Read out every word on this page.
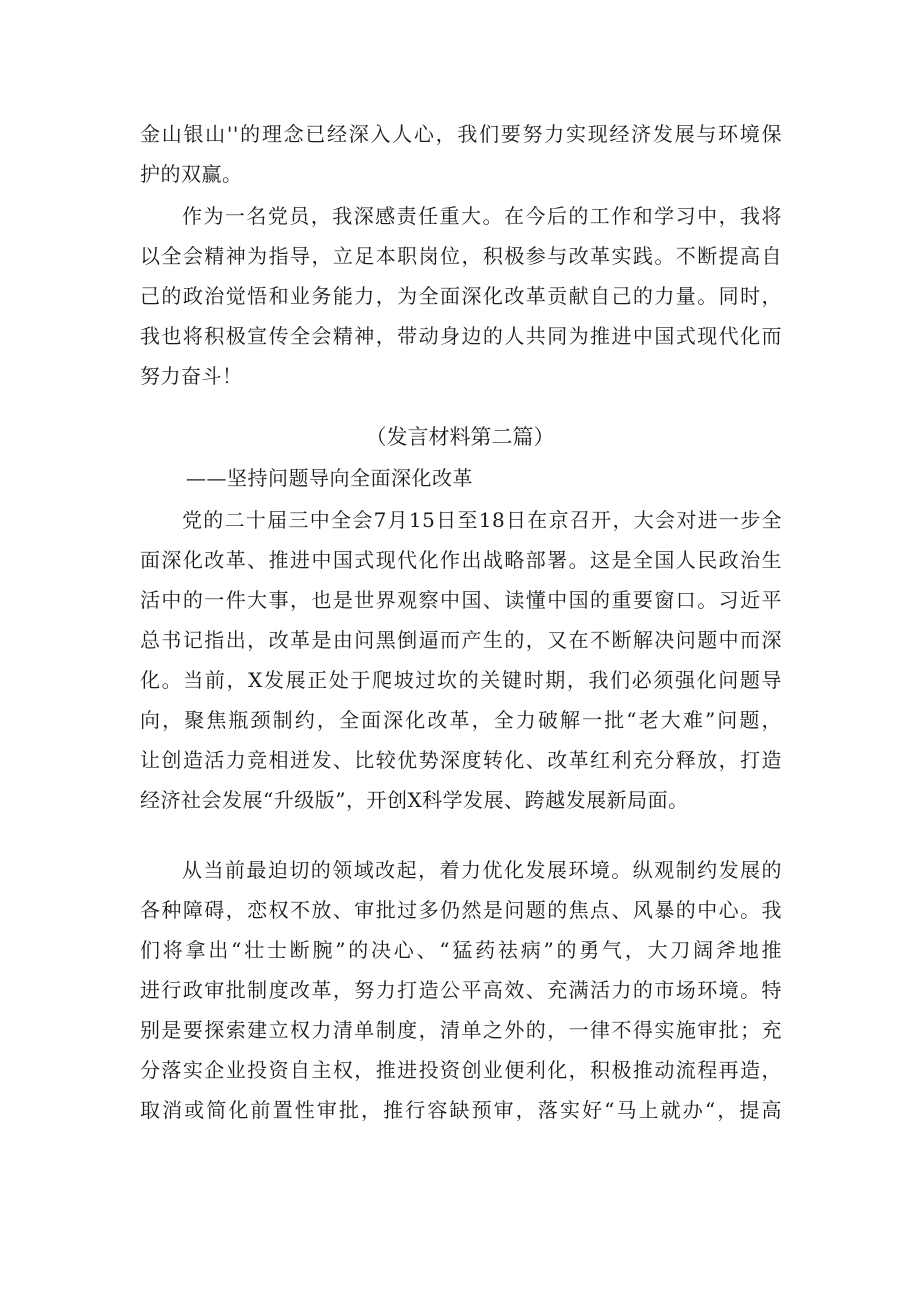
金山银山''的理念已经深入人心，我们要努力实现经济发展与环境保
护的双赢。
作为一名党员，我深感责任重大。在今后的工作和学习中，我将
以全会精神为指导，立足本职岗位，积极参与改革实践。不断提高自
己的政治觉悟和业务能力，为全面深化改革贡献自己的力量。同时，
我也将积极宣传全会精神，带动身边的人共同为推进中国式现代化而
努力奋斗！
（发言材料第二篇）
——坚持问题导向全面深化改革
党的二十届三中全会7月15日至18日在京召开，大会对进一步全
面深化改革、推进中国式现代化作出战略部署。这是全国人民政治生
活中的一件大事，也是世界观察中国、读懂中国的重要窗口。习近平
总书记指出，改革是由问黑倒逼而产生的，又在不断解决问题中而深
化。当前，X发展正处于爬坡过坎的关键时期，我们必须强化问题导
向，聚焦瓶颈制约，全面深化改革，全力破解一批“老大难”问题，
让创造活力竞相迸发、比较优势深度转化、改革红利充分释放，打造
经济社会发展“升级版”，开创X科学发展、跨越发展新局面。
从当前最迫切的领域改起，着力优化发展环境。纵观制约发展的
各种障碍，恋权不放、审批过多仍然是问题的焦点、风暴的中心。我
们将拿出“壮士断腕”的决心、“猛药祛病”的勇气，大刀阔斧地推
进行政审批制度改革，努力打造公平高效、充满活力的市场环境。特
别是要探索建立权力清单制度，清单之外的，一律不得实施审批；充
分落实企业投资自主权，推进投资创业便利化，积极推动流程再造，
取消或简化前置性审批，推行容缺预审，落实好“马上就办“，提高
